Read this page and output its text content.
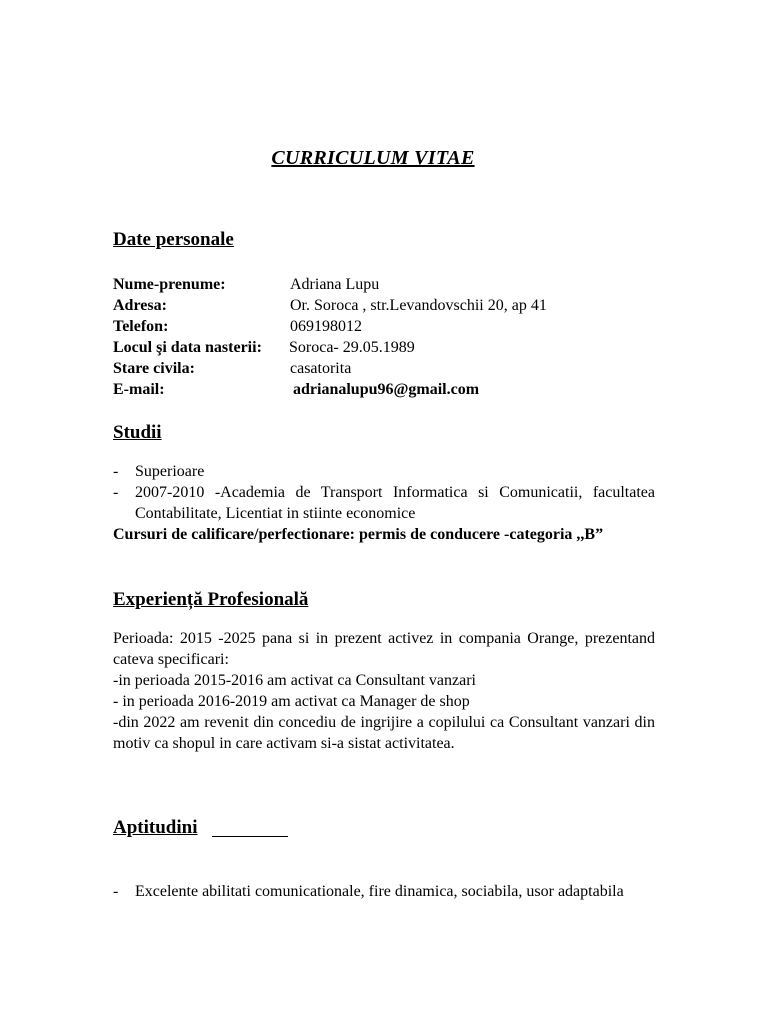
CURRICULUM VITAE
Date personale
Nume-prenume:	Adriana Lupu
Adresa:	Or. Soroca , str.Levandovschii 20, ap 41
Telefon:	069198012
Locul şi data nasterii: Soroca- 29.05.1989
Stare civila:	casatorita
E-mail:	adrianalupu96@gmail.com
Studii
- Superioare
- 2007-2010 -Academia de Transport Informatica si Comunicatii, facultatea Contabilitate, Licentiat in stiinte economice
Cursuri de calificare/perfectionare: permis de conducere -categoria ,,B”
Experiență Profesională

Perioada: 2015 -2025 pana si in prezent activez in compania Orange, prezentand cateva specificari:

-in perioada 2015-2016 am activat ca Consultant vanzari

- in perioada 2016-2019 am activat ca Manager de shop

-din 2022 am revenit din concediu de ingrijire a copilului ca Consultant vanzari din motiv ca shopul in care activam si-a sistat activitatea.

Aptitudini
- Excelente abilitati comunicationale, fire dinamica, sociabila, usor adaptabila
